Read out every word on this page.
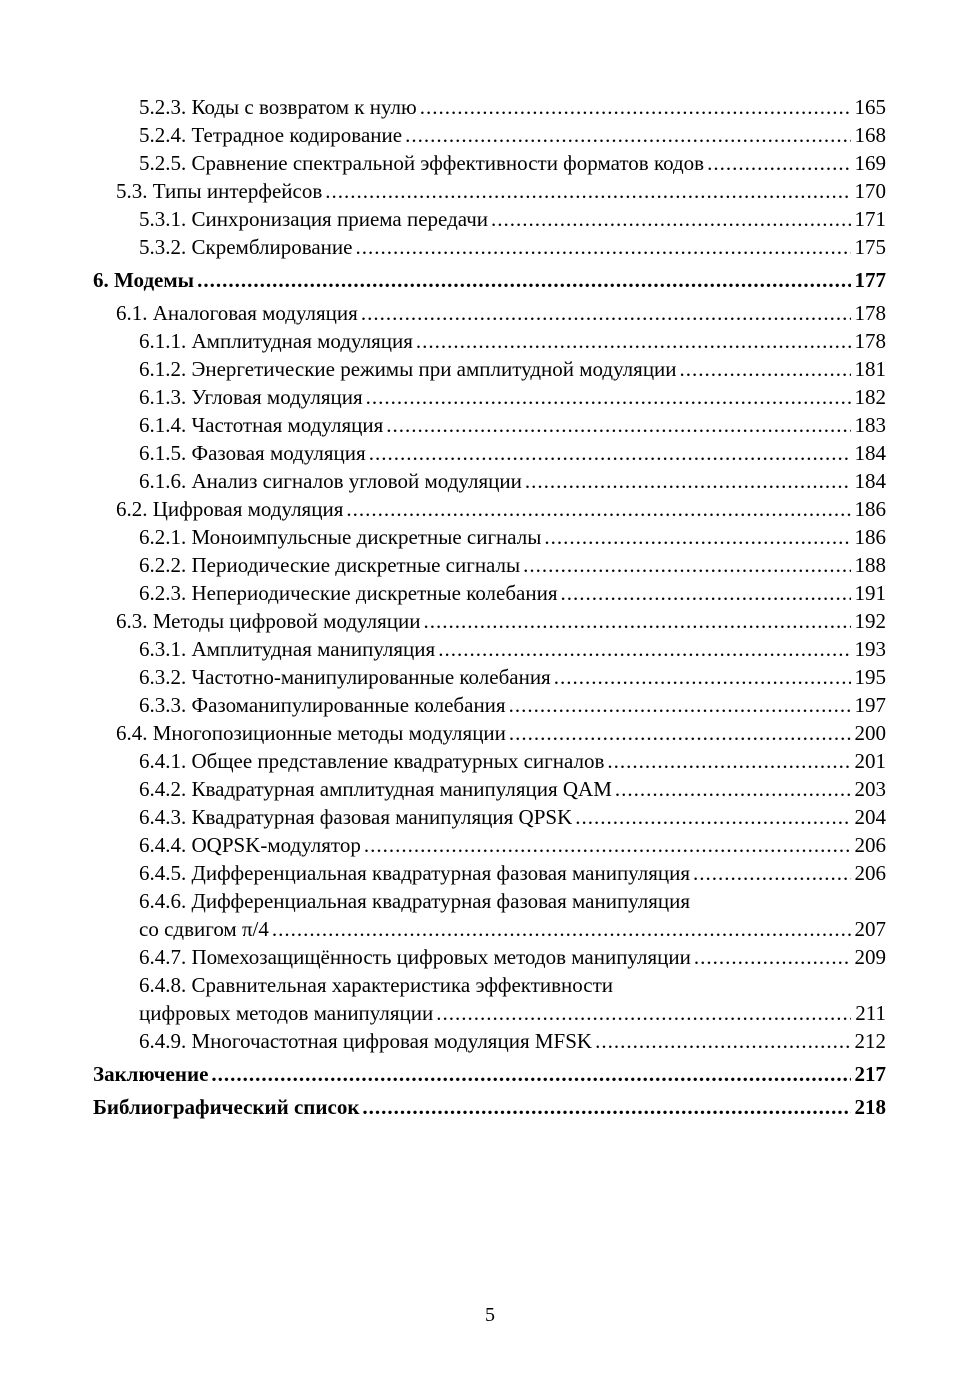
5.2.3. Коды с возвратом к нулю .....	165
5.2.4. Тетрадное кодирование .....	168
5.2.5. Сравнение спектральной эффективности форматов кодов .....	169
5.3. Типы интерфейсов .....	170
5.3.1. Синхронизация приема передачи .....	171
5.3.2. Скремблирование .....	175
6. Модемы .....	177
6.1. Аналоговая модуляция .....	178
6.1.1. Амплитудная модуляция .....	178
6.1.2. Энергетические режимы при амплитудной модуляции .....	181
6.1.3. Угловая модуляция .....	182
6.1.4. Частотная модуляция .....	183
6.1.5. Фазовая модуляция .....	184
6.1.6. Анализ сигналов угловой модуляции .....	184
6.2. Цифровая модуляция .....	186
6.2.1. Моноимпульсные дискретные сигналы .....	186
6.2.2. Периодические дискретные сигналы .....	188
6.2.3. Непериодические дискретные колебания .....	191
6.3. Методы цифровой модуляции .....	192
6.3.1. Амплитудная манипуляция .....	193
6.3.2. Частотно-манипулированные колебания .....	195
6.3.3. Фазоманипулированные колебания .....	197
6.4. Многопозиционные методы модуляции .....	200
6.4.1. Общее представление квадратурных сигналов .....	201
6.4.2. Квадратурная амплитудная манипуляция QAM .....	203
6.4.3. Квадратурная фазовая манипуляция QPSK .....	204
6.4.4. OQPSK-модулятор .....	206
6.4.5. Дифференциальная квадратурная фазовая манипуляция .....	206
6.4.6. Дифференциальная квадратурная фазовая манипуляция
со сдвигом π/4 .....	207
6.4.7. Помехозащищённость цифровых методов манипуляции .....	209
6.4.8. Сравнительная характеристика эффективности
цифровых методов манипуляции .....	211
6.4.9. Многочастотная цифровая модуляция MFSK .....	212
Заключение .....	217
Библиографический список .....	218
5
